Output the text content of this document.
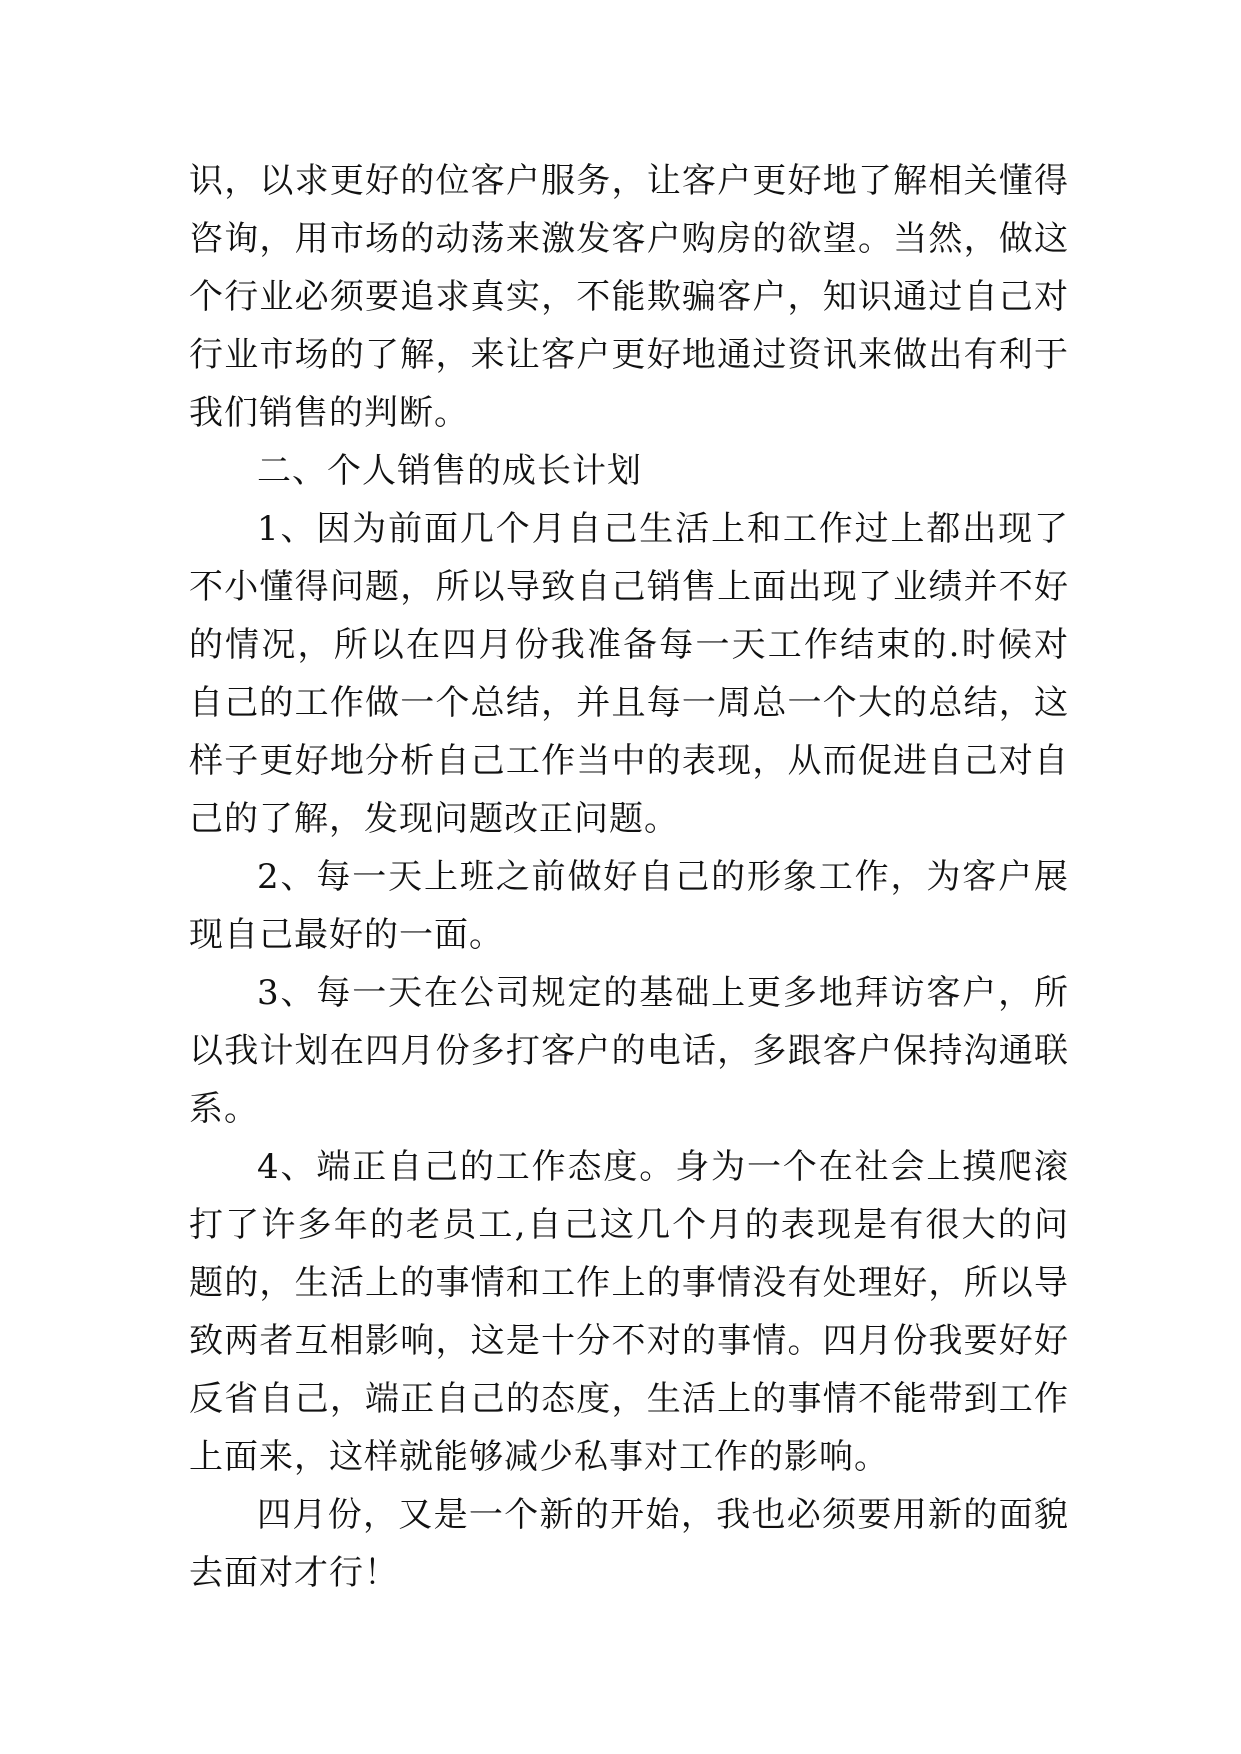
识，以求更好的位客户服务，让客户更好地了解相关懂得咨询，用市场的动荡来激发客户购房的欲望。当然，做这个行业必须要追求真实，不能欺骗客户，知识通过自己对行业市场的了解，来让客户更好地通过资讯来做出有利于我们销售的判断。

二、个人销售的成长计划

1、因为前面几个月自己生活上和工作过上都出现了不小懂得问题，所以导致自己销售上面出现了业绩并不好的情况，所以在四月份我准备每一天工作结束的.时候对自己的工作做一个总结，并且每一周总一个大的总结，这样子更好地分析自己工作当中的表现，从而促进自己对自己的了解，发现问题改正问题。

2、每一天上班之前做好自己的形象工作，为客户展现自己最好的一面。

3、每一天在公司规定的基础上更多地拜访客户，所以我计划在四月份多打客户的电话，多跟客户保持沟通联系。

4、端正自己的工作态度。身为一个在社会上摸爬滚打了许多年的老员工,自己这几个月的表现是有很大的问题的，生活上的事情和工作上的事情没有处理好，所以导致两者互相影响，这是十分不对的事情。四月份我要好好反省自己，端正自己的态度，生活上的事情不能带到工作上面来，这样就能够减少私事对工作的影响。

四月份，又是一个新的开始，我也必须要用新的面貌去面对才行！
